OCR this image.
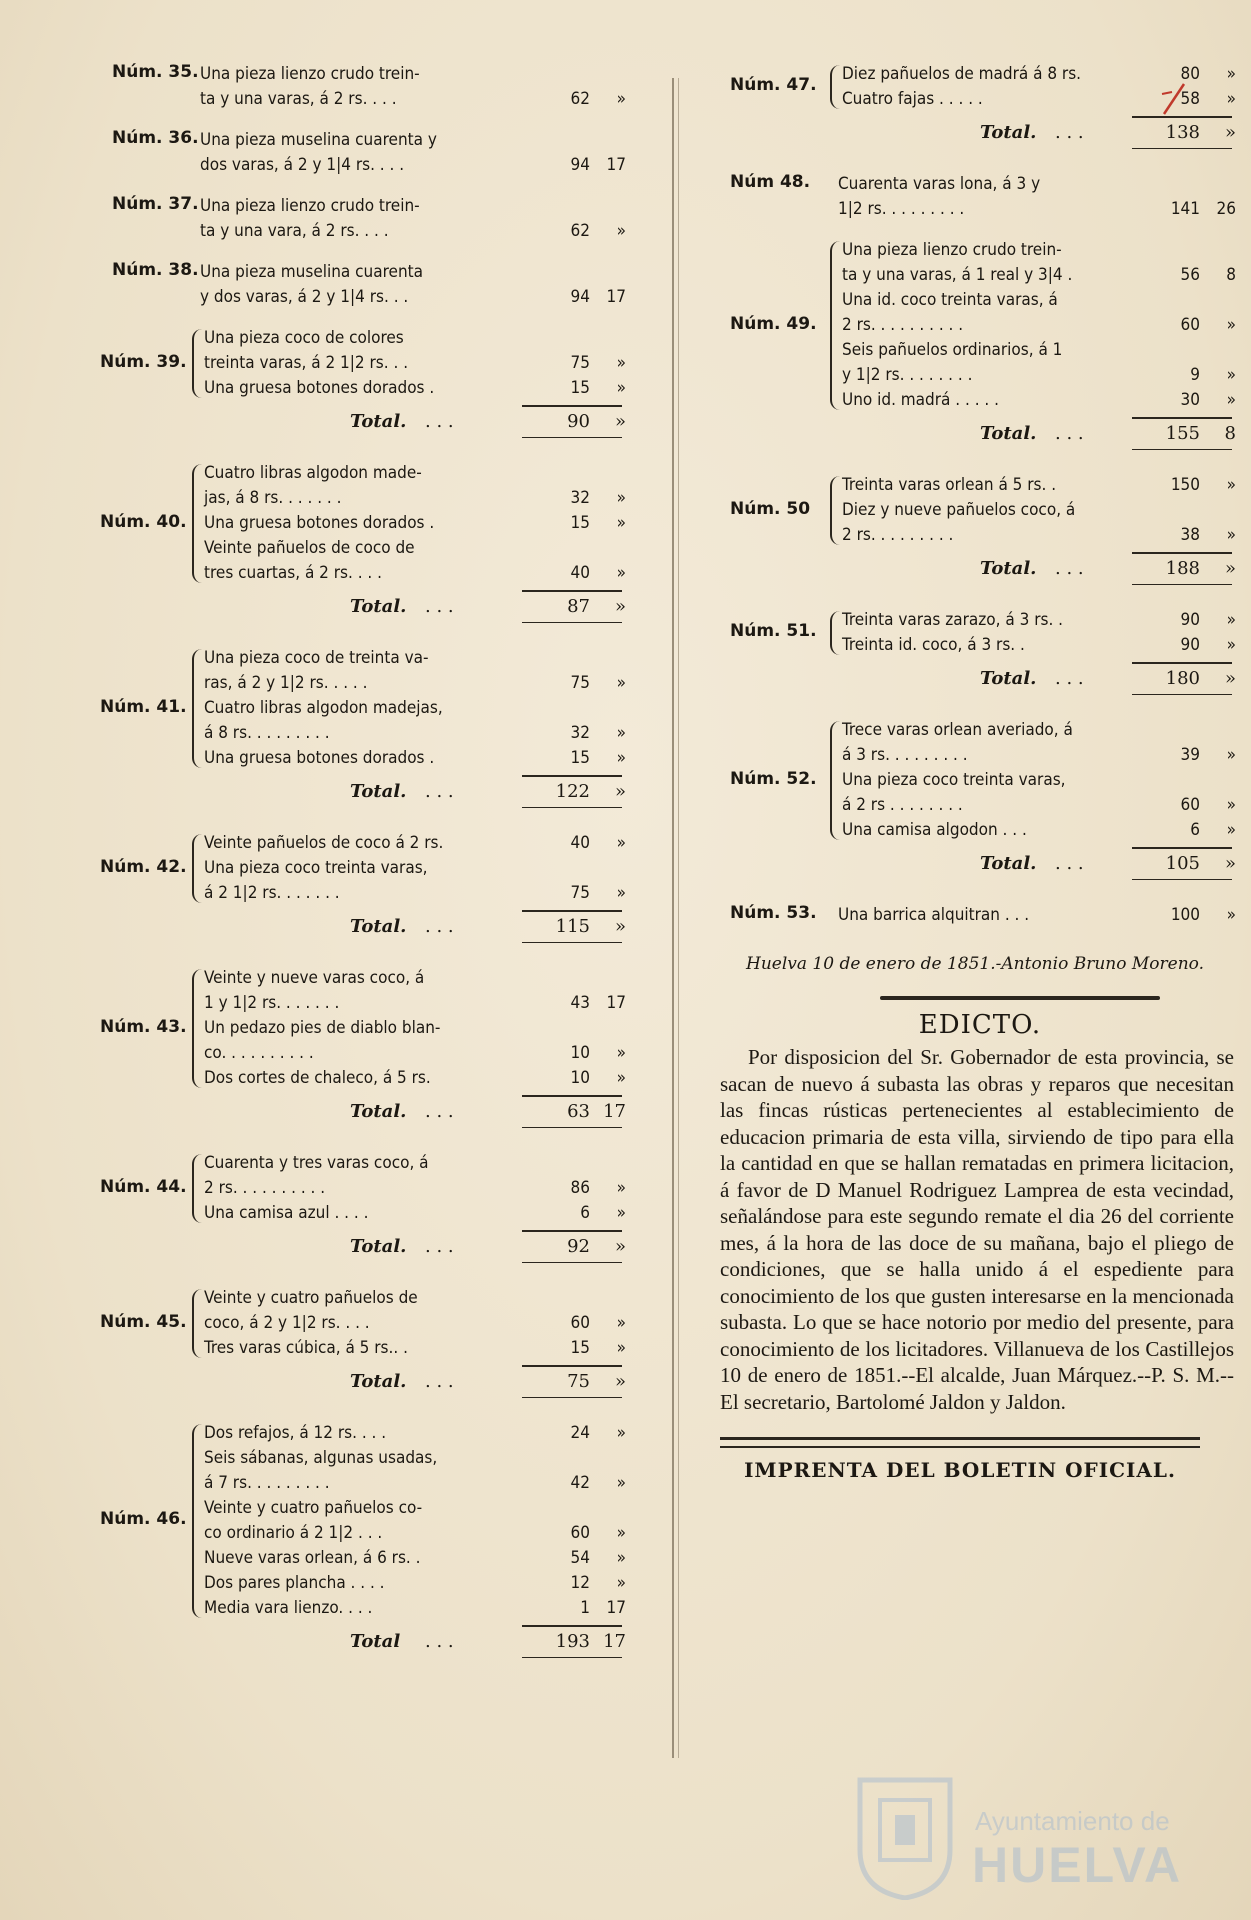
Núm. 35. Una pieza lienzo crudo trein-
ta y una varas, á 2 rs. . . .	62	»
Núm. 36. Una pieza muselina cuarenta y
dos varas, á 2 y 1|4 rs. . . .	94 17
Núm. 37. Una pieza lienzo crudo trein-
ta y una vara, á 2 rs. . . .	62	»
Núm. 38. Una pieza muselina cuarenta
y dos varas, á 2 y 1|4 rs. . .	94 17
Núm. 39.
Una pieza coco de colores
treinta varas, á 2 1|2 rs. . .	75	»
Una gruesa botones dorados .	15	»
Total. . . .	90	»
Núm. 40.
Cuatro libras algodon made-
jas, á 8 rs. . . . . . .	32	»
Una gruesa botones dorados .	15	»
Veinte pañuelos de coco de
tres cuartas, á 2 rs. . . .	40	»
Total. . . .	87	»
Núm. 41.
Una pieza coco de treinta va-
ras, á 2 y 1|2 rs. . . . .	75	»
Cuatro libras algodon madejas,
á 8 rs. . . . . . . . .	32	»
Una gruesa botones dorados .	15	»
Total. . . .	122	»
Núm. 42.
Veinte pañuelos de coco á 2 rs.	40	»
Una pieza coco treinta varas,
á 2 1|2 rs. . . . . . .	75	»
Total. . . .	115	»
Núm. 43.
Veinte y nueve varas coco, á
1 y 1|2 rs. . . . . . .	43 17
Un pedazo pies de diablo blan-
co. . . . . . . . . .	10	»
Dos cortes de chaleco, á 5 rs.	10	»
Total. . . .	63 17
Núm. 44.
Cuarenta y tres varas coco, á
2 rs. . . . . . . . . .	86	»
Una camisa azul . . . .	6	»
Total. . . .	92	»
Núm. 45.
Veinte y cuatro pañuelos de
coco, á 2 y 1|2 rs. . . .	60	»
Tres varas cúbica, á 5 rs.. .	15	»
Total. . . .	75	»
Núm. 46.
Dos refajos, á 12 rs. . . .	24	»
Seis sábanas, algunas usadas,
á 7 rs. . . . . . . . .	42	»
Veinte y cuatro pañuelos co-
co ordinario á 2 1|2 . . .	60	»
Nueve varas orlean, á 6 rs. .	54	»
Dos pares plancha . . . .	12	»
Media vara lienzo. . . .	1 17
Total . . .	193 17
Núm. 47.
Diez pañuelos de madrá á 8 rs.	80	»
Cuatro fajas . . . . .	58	»
Total. . . .	138	»
Núm 48. Cuarenta varas lona, á 3 y
1|2 rs. . . . . . . . .	141 26
Núm. 49.
Una pieza lienzo crudo trein-
ta y una varas, á 1 real y 3|4 .	56	8
Una id. coco treinta varas, á
2 rs. . . . . . . . . .	60	»
Seis pañuelos ordinarios, á 1
y 1|2 rs. . . . . . . .	9	»
Uno id. madrá . . . . .	30	»
Total. . . .	155	8
Núm. 50
Treinta varas orlean á 5 rs. .	150	»
Diez y nueve pañuelos coco, á
2 rs. . . . . . . . .	38	»
Total. . . .	188	»
Núm. 51.
Treinta varas zarazo, á 3 rs. .	90	»
Treinta id. coco, á 3 rs. .	90	»
Total. . . .	180	»
Núm. 52.
Trece varas orlean averiado, á
á 3 rs. . . . . . . . .	39	»
Una pieza coco treinta varas,
á 2 rs . . . . . . . .	60	»
Una camisa algodon . . .	6	»
Total. . . .	105	»
Núm. 53. Una barrica alquitran . . .	100	»
Huelva 10 de enero de 1851.-Antonio Bruno Moreno.
EDICTO.
Por disposicion del Sr. Gobernador de esta provincia, se sacan de nuevo á subasta las obras y reparos que necesitan las fincas rústicas pertenecientes al establecimiento de educacion primaria de esta villa, sirviendo de tipo para ella la cantidad en que se hallan rematadas en primera licitacion, á favor de D Manuel Rodriguez Lamprea de esta vecindad, señalándose para este segundo remate el dia 26 del corriente mes, á la hora de las doce de su mañana, bajo el pliego de condiciones, que se halla unido á el espediente para conocimiento de los que gusten interesarse en la mencionada subasta. Lo que se hace notorio por medio del presente, para conocimiento de los licitadores. Villanueva de los Castillejos 10 de enero de 1851.--El alcalde, Juan Márquez.--P. S. M.--El secretario, Bartolomé Jaldon y Jaldon.
IMPRENTA DEL BOLETIN OFICIAL.
Ayuntamiento de
HUELVA
